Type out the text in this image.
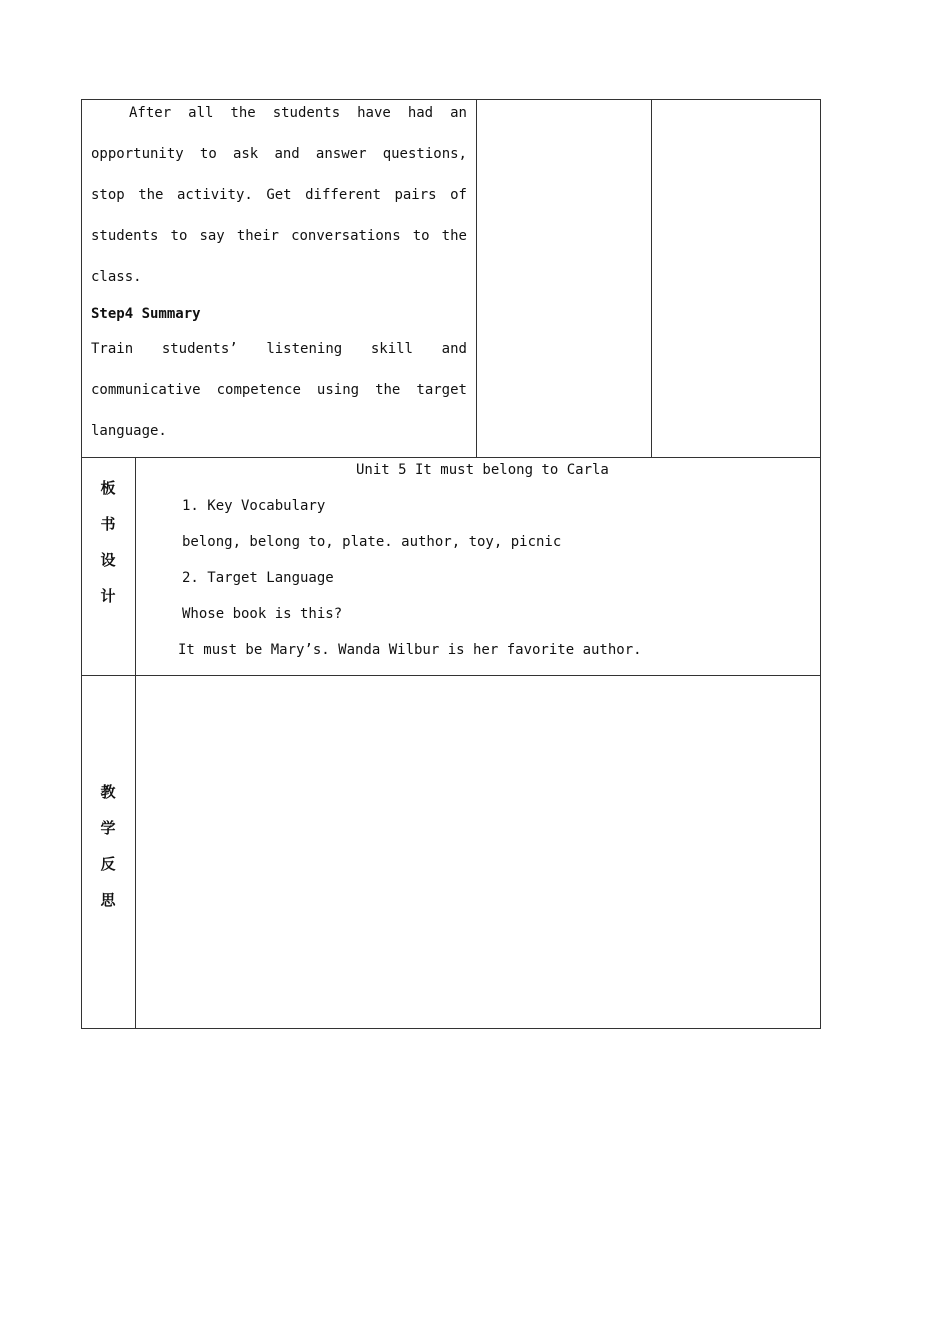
After all the students have had an
opportunity to ask and answer questions,
stop the activity. Get different pairs of
students to say their conversations to the
class.
Step4 Summary
Train students’ listening skill and
communicative competence using the target
language.
板
书
设
计
Unit 5 It must belong to Carla
1. Key Vocabulary
belong, belong to, plate. author, toy, picnic
2. Target Language
Whose book is this?
It must be Mary’s. Wanda Wilbur is her favorite author.
教
学
反
思
